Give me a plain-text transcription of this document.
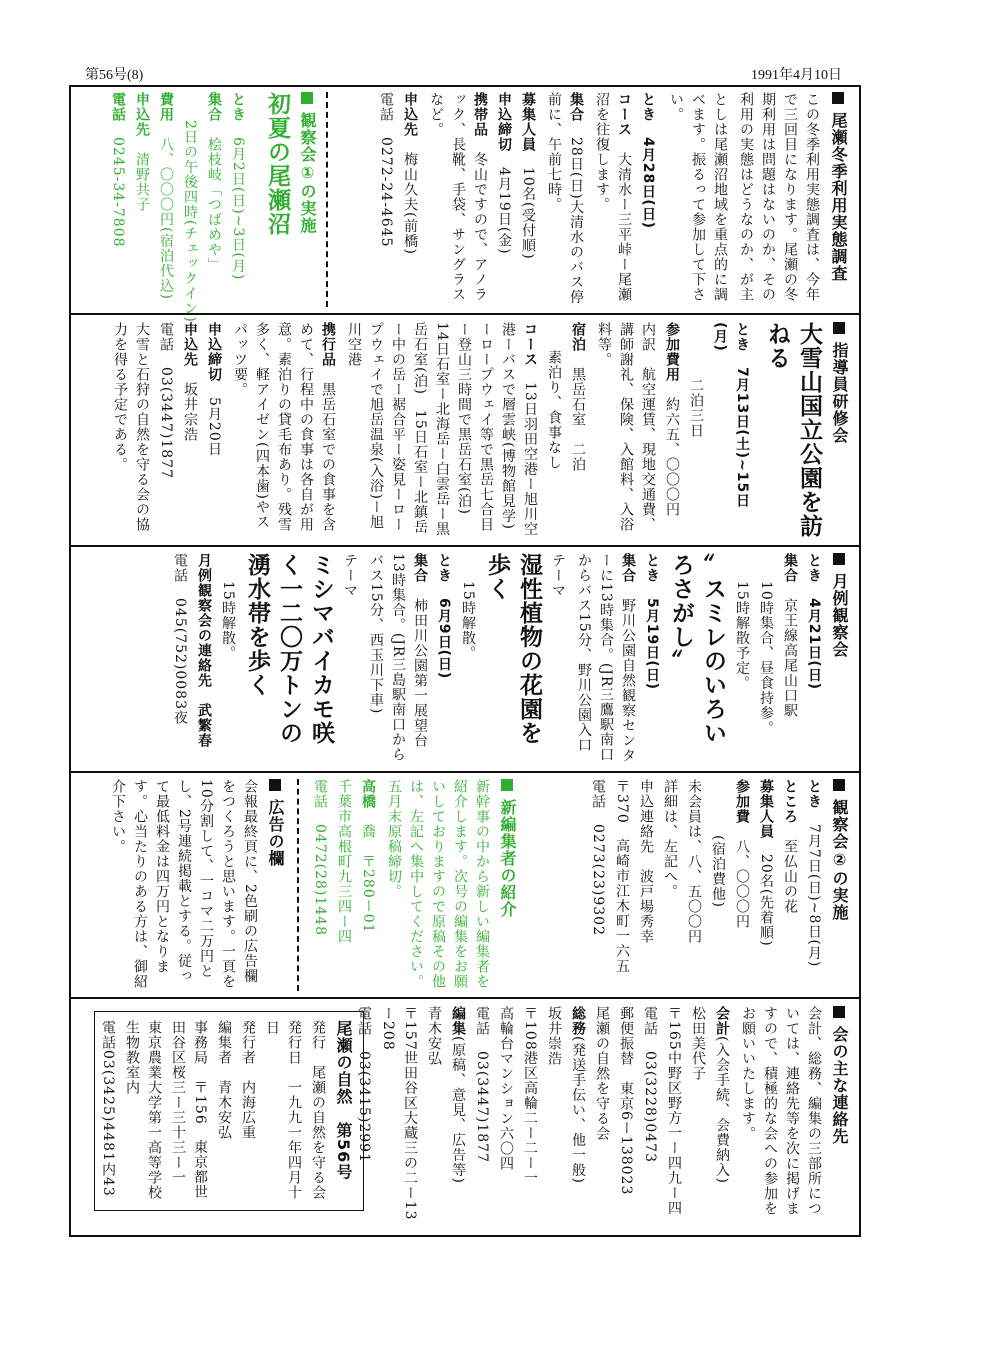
第56号(8)	1991年4月10日
尾瀬冬季利用実態調査
この冬季利用実態調査は、今年で三回目になります。尾瀬の冬期利用は問題はないのか、その利用の実態はどうなのか、が主
としは尾瀬沼地域を重点的に調べます。振るって参加して下さい。
とき　4月28日(日)
コース　大清水ー三平峠ー尾瀬沼を往復します。
集合　28日(日)大清水のバス停前に、午前七時。
募集人員　10名(受付順)
申込締切　4月19日(金)
携帯品　冬山ですので、アノラック、長靴、手袋、サングラスなど。
申込先　梅山久夫(前橋)
電話　0272-24-4645
観察会①の実施
初夏の尾瀬沼
とき　6月2日(日)~3日(月)
集合　桧枝岐「つばめや」
2日の午後四時(チェックイン)
費用　八、〇〇〇円(宿泊代込)
申込先　清野共子
電話　0245-34-7808
指導員研修会
大雪山国立公園を訪ねる
とき　7月13日(土)~15日(月)
二泊三日
参加費用　約六五、〇〇〇円
内訳　航空運賃、現地交通費、講師謝礼、保険、入館料、入浴料等。
宿泊　黒岳石室　二泊
素泊り、食事なし
コース　13日羽田空港ー旭川空港ーバスで層雲峡(博物館見学)ーロープウェイ等で黒岳七合目ー登山三時間で黒岳石室(泊)　14日石室ー北海岳ー白雲岳ー黒岳石室(泊)　15日石室ー北鎮岳ー中の岳ー裾合平ー姿見ーロープウェイで旭岳温泉(入浴)ー旭川空港
携行品　黒岳石室での食事を含めて、行程中の食事は各自が用意。素泊りの貸毛布あり。残雪多く、軽アイゼン(四本歯)やスパッツ要。
申込締切　5月20日
申込先　坂井宗浩
電話　03(3447)1877
大雪と石狩の自然を守る会の協力を得る予定である。
月例観察会
とき　4月21日(日)
集合　京王線高尾山口駅
10時集合、昼食持参。
15時解散予定。
〟スミレのいろいろさがし〟
とき　5月19日(日)
集合　野川公園自然観察センターに13時集合。(JR三鷹駅南口からバス15分、野川公園入口
テーマ
湿性植物の花園を歩く
15時解散。
とき　6月9日(日)
集合　柿田川公園第一展望台13時集合。(JR三島駅南口からバス15分、西玉川下車)
テーマ
ミシマバイカモ咲く一二〇万トンの湧水帯を歩く
15時解散。
月例観察会の連絡先　武繁春
電話　045(752)0083夜
観察会②の実施
とき　7月7日(日)~8日(月)
ところ　至仏山の花
募集人員　20名(先着順)
参加費　八、〇〇〇円
(宿泊費他)
未会員は、八、五〇〇円
詳細は、左記へ。
申込連絡先　波戸場秀幸
〒370　高崎市江木町一六五
電話　0273(23)9302
新編集者の紹介
新幹事の中から新しい編集者を紹介します。次号の編集をお願いしておりますので原稿その他は、左記へ集中してください。五月末原稿締切。
高橋　喬　〒280ー01
千葉市高根町九三四ー四
電話　0472(28)1448
広告の欄
会報最終頁に、2色刷の広告欄をつくろうと思います。一頁を10分割して、一コマ二万円とし、2号連続掲載とする。従って最低料金は四万円となります。心当たりのある方は、御紹介下さい。
会の主な連絡先
会計、総務、編集の三部所については、連絡先等を次に掲げますので、積極的な会への参加をお願いいたします。
会計(入会手続、会費納入)
松田美代子
〒165中野区野方一ー四九ー四
電話　03(3228)0473
郵便振替　東京6ー138023
尾瀬の自然を守る会
総務(発送手伝い、他一般)
坂井崇浩
〒108港区高輪二ー二ー一
高輪台マンション六〇四
電話　03(3447)1877
編集(原稿、意見、広告等)
青木安弘
〒157世田谷区大蔵三の二ー13ー208
電話　03(3415)2991
尾瀬の自然　第56号
発行　尾瀬の自然を守る会
発行日　一九九一年四月十日
発行者　内海広重
編集者　青木安弘
事務局　〒156　東京都世田谷区桜三ー三十三ー一
東京農業大学第一高等学校生物教室内
電話03(3425)4481内43
